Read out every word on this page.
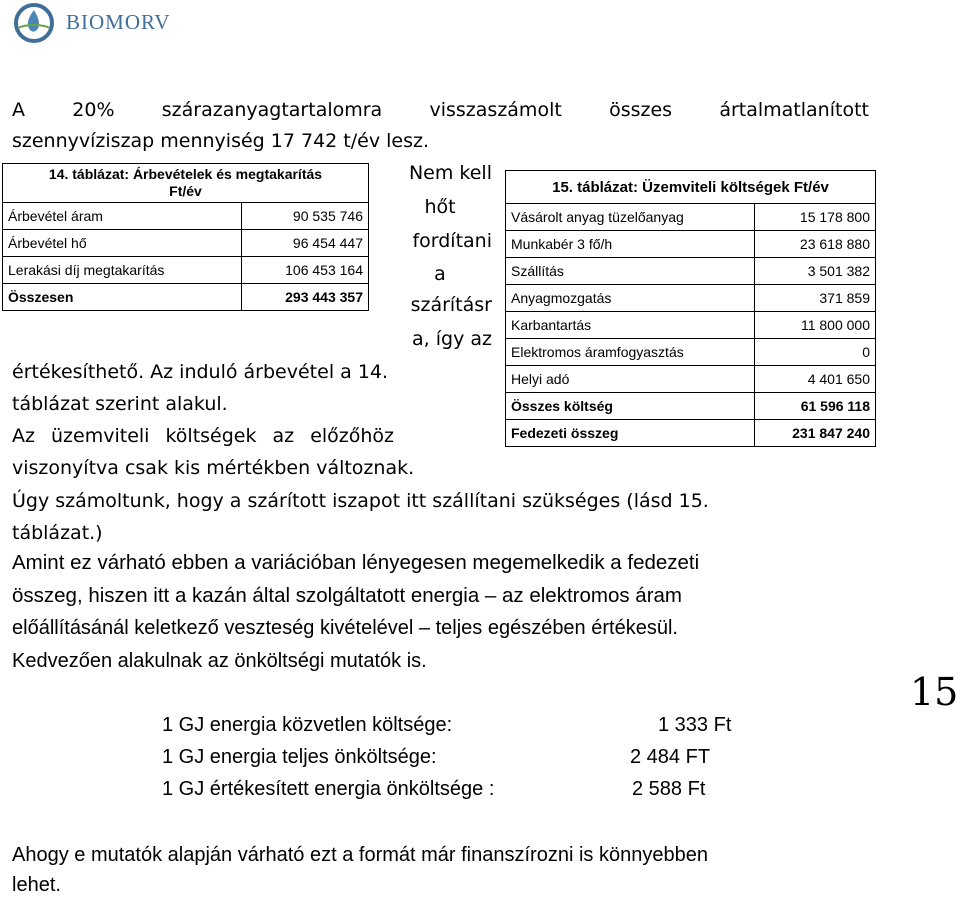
BIOMORV
A 20% szárazanyagtartalomra visszaszámolt összes ártalmatlanított
szennyvíziszap mennyiség 17 742 t/év lesz.
14. táblázat: Árbevételek és megtakarítás
Ft/év	

Árbevétel áram	90 535 746
Árbevétel hő	96 454 447
Lerakási díj megtakarítás	106 453 164
Összesen	293 443 357
15. táblázat: Üzemviteli költségek Ft/év	
Vásárolt anyag tüzelőanyag	15 178 800
Munkabér 3 fő/h	23 618 880
Szállítás	3 501 382
Anyagmozgatás	371 859
Karbantartás	11 800 000
Elektromos áramfogyasztás	0
Helyi adó	4 401 650
Összes költség	61 596 118
Fedezeti összeg	231 847 240
Nem kell
hőt
fordítani
a
szárításr
a, így az
értékesíthető. Az induló árbevétel a 14.
táblázat szerint alakul.
Az üzemviteli költségek az előzőhöz
viszonyítva csak kis mértékben változnak.
Úgy számoltunk, hogy a szárított iszapot itt szállítani szükséges (lásd 15.
táblázat.)
Amint ez várható ebben a variációban lényegesen megemelkedik a fedezeti
összeg, hiszen itt a kazán által szolgáltatott energia – az elektromos áram
előállításánál keletkező veszteség kivételével – teljes egészében értékesül.
Kedvezően alakulnak az önköltségi mutatók is.
1 GJ energia közvetlen költsége:	1 333 Ft
1 GJ energia teljes önköltsége:	2 484 FT
1 GJ értékesített energia önköltsége :	2 588 Ft
Ahogy e mutatók alapján várható ezt a formát már finanszírozni is könnyebben
lehet.
15
